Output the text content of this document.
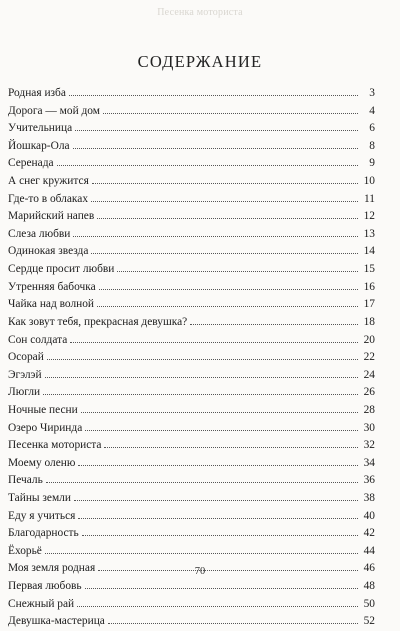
Песенка моториста
СОДЕРЖАНИЕ
Родная изба	3
Дорога — мой дом	4
Учительница	6
Йошкар-Ола	8
Серенада	9
А снег кружится	10
Где-то в облаках	11
Марийский напев	12
Слеза любви	13
Одинокая звезда	14
Сердце просит любви	15
Утренняя бабочка	16
Чайка над волной	17
Как зовут тебя, прекрасная девушка?	18
Сон солдата	20
Осорай	22
Эгэлэй	24
Люгли	26
Ночные песни	28
Озеро Чиринда	30
Песенка моториста	32
Моему оленю	34
Печаль	36
Тайны земли	38
Еду я учиться	40
Благодарность	42
Ёхорьё	44
Моя земля родная	46
Первая любовь	48
Снежный рай	50
Девушка-мастерица	52
70
